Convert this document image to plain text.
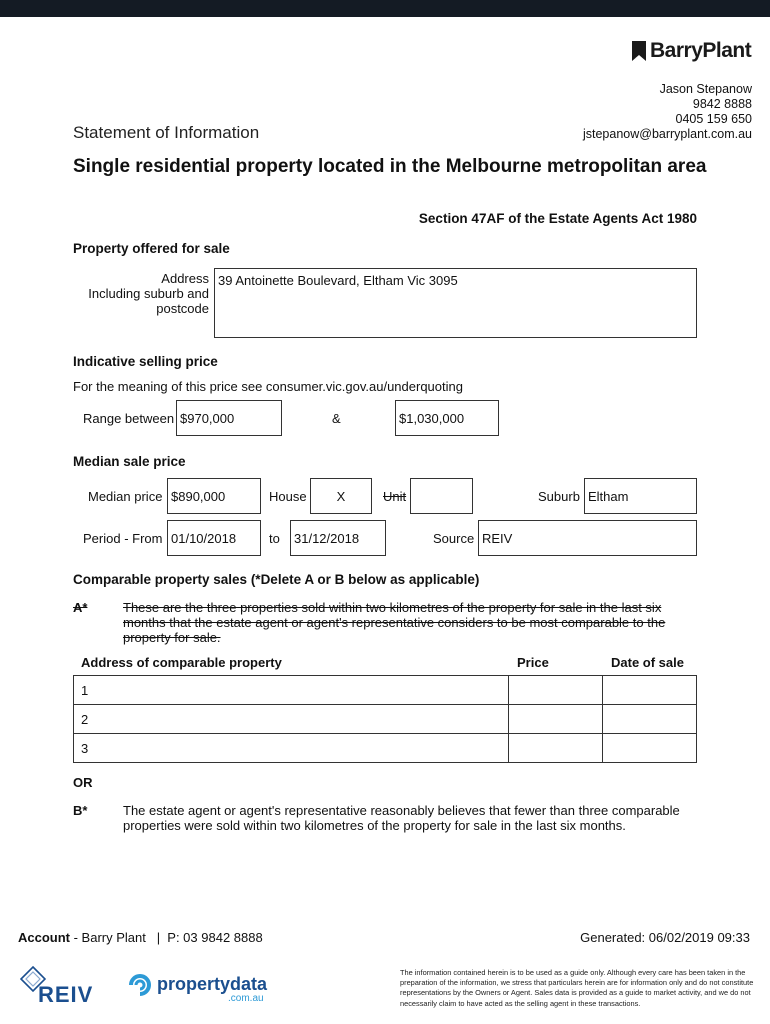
BarryPlant
Jason Stepanow
9842 8888
0405 159 650
jstepanow@barryplant.com.au
Statement of Information
Single residential property located in the Melbourne metropolitan area
Section 47AF of the Estate Agents Act 1980
Property offered for sale
Address
Including suburb and
postcode
39 Antoinette Boulevard, Eltham Vic 3095
Indicative selling price
For the meaning of this price see consumer.vic.gov.au/underquoting
Range between $970,000	&	$1,030,000
Median sale price
Median price $890,000	House	X	Unit	Suburb Eltham
Period - From 01/10/2018	to	31/12/2018	Source REIV
Comparable property sales (*Delete A or B below as applicable)
A*	These are the three properties sold within two kilometres of the property for sale in the last six months that the estate agent or agent's representative considers to be most comparable to the property for sale.
Address of comparable property	Price	Date of sale
1		
2		
3		
OR
B*	The estate agent or agent's representative reasonably believes that fewer than three comparable properties were sold within two kilometres of the property for sale in the last six months.
Account - Barry Plant   |  P: 03 9842 8888	Generated: 06/02/2019 09:33
REIV	propertydata
.com.au
The information contained herein is to be used as a guide only. Although every care has been taken in the preparation of the information, we stress that particulars herein are for information only and do not constitute representations by the Owners or Agent. Sales data is provided as a guide to market activity, and we do not necessarily claim to have acted as the selling agent in these transactions.
